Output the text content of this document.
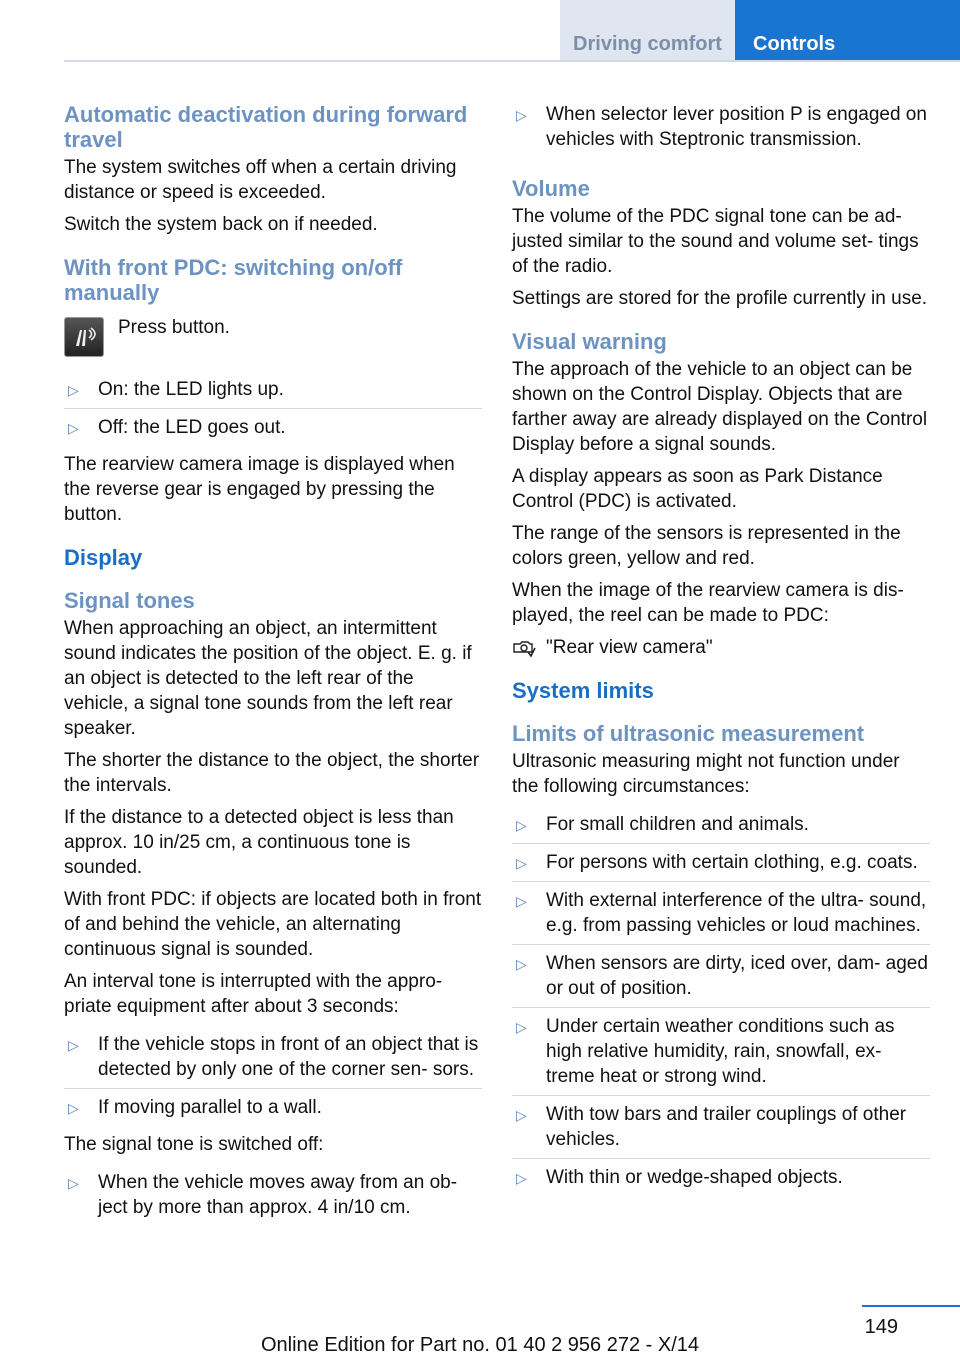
Driving comfort	Controls
Automatic deactivation during forward travel

The system switches off when a certain driving distance or speed is exceeded.

Switch the system back on if needed.

With front PDC: switching on/off manually
Press button.
▷ On: the LED lights up.
▷ Off: the LED goes out.

The rearview camera image is displayed when the reverse gear is engaged by pressing the button.

Display
Signal tones

When approaching an object, an intermittent sound indicates the position of the object. E. g. if an object is detected to the left rear of the vehicle, a signal tone sounds from the left rear speaker.

The shorter the distance to the object, the shorter the intervals.

If the distance to a detected object is less than approx. 10 in/25 cm, a continuous tone is sounded.

With front PDC: if objects are located both in front of and behind the vehicle, an alternating continuous signal is sounded.

An interval tone is interrupted with the appro‐ priate equipment after about 3 seconds:

▷ If the vehicle stops in front of an object that is detected by only one of the corner sen‐ sors.
▷ If moving parallel to a wall.

The signal tone is switched off:

▷ When the vehicle moves away from an ob‐ ject by more than approx. 4 in/10 cm.
▷ When selector lever position P is engaged on vehicles with Steptronic transmission.
Volume

The volume of the PDC signal tone can be ad‐ justed similar to the sound and volume set‐ tings of the radio.

Settings are stored for the profile currently in use.

Visual warning

The approach of the vehicle to an object can be shown on the Control Display. Objects that are farther away are already displayed on the Control Display before a signal sounds.

A display appears as soon as Park Distance Control (PDC) is activated.

The range of the sensors is represented in the colors green, yellow and red.

When the image of the rearview camera is dis‐ played, the reel can be made to PDC:

"Rear view camera"
System limits
Limits of ultrasonic measurement

Ultrasonic measuring might not function under the following circumstances:

▷ For small children and animals.
▷ For persons with certain clothing, e.g. coats.
▷ With external interference of the ultra‐ sound, e.g. from passing vehicles or loud machines.
▷ When sensors are dirty, iced over, dam‐ aged or out of position.
▷ Under certain weather conditions such as high relative humidity, rain, snowfall, ex‐ treme heat or strong wind.
▷ With tow bars and trailer couplings of other vehicles.
▷ With thin or wedge-shaped objects.
149
Online Edition for Part no. 01 40 2 956 272 - X/14
